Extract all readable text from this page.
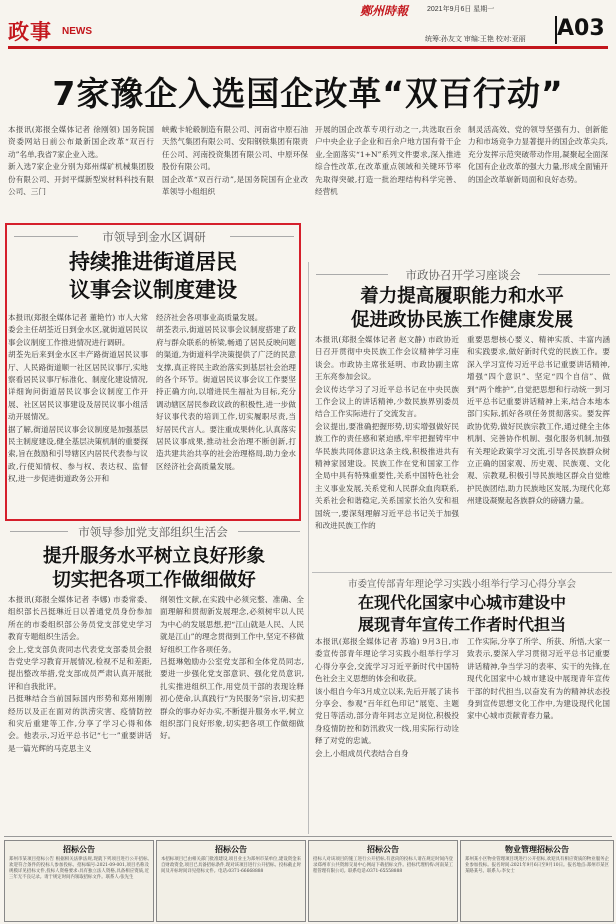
政事 NEWS
鄭州時報	2021年9月6日 星期一
统筹:孙友文 审编:王艳 校对:亚丽 A03
7家豫企入选国企改革“双百行动”
本报讯(郑报全媒体记者 徐刚领) 国务院国资委网站日前公布最新国企改革“双百行动”名单,我省7家企业入选。
新入选7家企业分别为郑州煤矿机械集团股份有限公司、开封平煤新型炭材料科技有限公司、三门
峡戴卡轮毂制造有限公司、河南省中原石油天然气集团有限公司、安阳钢铁集团有限责任公司、河南投资集团有限公司、中原环保股份有限公司。
国企改革“双百行动”,是国务院国有企业改革领导小组组织
开展的国企改革专项行动之一,共选取百余户中央企业子企业和百余户地方国有骨干企业,全面落实“1+N”系列文件要求,深入推进综合性改革,在改革重点领域和关键环节率先取得突破,打造一批治理结构科学完善、经营机
制灵活高效、党的领导坚强有力、创新能力和市场竞争力显著提升的国企改革尖兵,充分发挥示范突破带动作用,凝聚起全面深化国有企业改革的强大力量,形成全面铺开的国企改革崭新局面和良好态势。
市领导到金水区调研
持续推进街道居民
议事会议制度建设
本报讯(郑报全媒体记者 董艳竹) 市人大常委会主任胡荃近日到金水区,就街道居民议事会议制度工作推进情况进行调研。
胡荃先后来到金水区丰产路街道居民议事厅、人民路街道顺一社区居民议事厅,实地察看居民议事厅标准化、制度化建设情况,详细询问街道居民议事会议制度工作开展、社区居民议事建设及居民议事小组活动开展情况。
据了解,街道居民议事会议制度是加强基层民主制度建设,健全基层决策机制的重要探索,旨在鼓励和引导辖区内居民代表参与议政,行使知情权、参与权、表达权、监督权,进一步促进街道政务公开和
经济社会各项事业高质量发展。
胡荃表示,街道居民议事会议制度搭建了政府与群众联系的桥梁,畅通了居民反映问题的渠道,为街道科学决策提供了广泛的民意支撑,真正将民主政治落实到基层社会治理的各个环节。街道居民议事会议工作要坚持正确方向,以增进民生福祉为目标,充分调动辖区居民参政议政的积极性,进一步做好议事代表的培训工作,切实履职尽责,当好居民代言人。要注重成果转化,认真落实居民议事成果,推动社会治理不断创新,打造共建共治共享的社会治理格局,助力金水区经济社会高质量发展。
市政协召开学习座谈会
着力提高履职能力和水平
促进政协民族工作健康发展
本报讯(郑报全媒体记者 赵文静) 市政协近日召开贯彻中央民族工作会议精神学习座谈会。市政协主席张延明、市政协副主席王东亮参加会议。
会议传达学习了习近平总书记在中央民族工作会议上的讲话精神,少数民族界别委员结合工作实际进行了交流发言。
会议提出,要准确把握形势,切实增强做好民族工作的责任感和紧迫感,牢牢把握铸牢中华民族共同体意识这条主线,积极推进共有精神家园建设。民族工作在党和国家工作全局中具有特殊重要性,关系中国特色社会主义事业发展,关系党和人民群众血肉联系,关系社会和谐稳定,关系国家长治久安和祖国统一,要深刻理解习近平总书记关于加强和改进民族工作的
重要思想核心要义、精神实质、丰富内涵和实践要求,做好新时代党的民族工作。要深入学习宣传习近平总书记重要讲话精神,增强“四个意识”、坚定“四个自信”、做到“两个维护”,自觉把思想和行动统一到习近平总书记重要讲话精神上来,结合本地本部门实际,抓好各项任务贯彻落实。要发挥政协优势,做好民族宗教工作,通过健全主体机制、完善协作机制、强化服务机制,加强有关理论政策学习交流,引导各民族群众树立正确的国家观、历史观、民族观、文化观、宗教观,积极引导民族地区群众自觉维护民族团结,助力民族地区发展,为现代化郑州建设凝聚起各族群众的磅礴力量。
市领导参加党支部组织生活会
提升服务水平树立良好形象
切实把各项工作做细做好
本报讯(郑报全媒体记者 李娜) 市委常委、组织部长吕挺琳近日以普通党员身份参加所在的市委组织部公务员党支部党史学习教育专题组织生活会。
会上,党支部负责同志代表党支部委员会报告党史学习教育开展情况,检视不足和差距,提出整改举措,党支部成员严肃认真开展批评和自我批评。
吕挺琳结合当前国际国内形势和郑州刚刚经历以及正在面对的洪涝灾害、疫情防控和灾后重建等工作,分享了学习心得和体会。他表示,习近平总书记“七一”重要讲话是一篇光辉的马克思主义
纲领性文献,在实践中必须完整、准确、全面理解和贯彻新发展理念,必须树牢以人民为中心的发展思想,把“江山就是人民、人民就是江山”的理念贯彻到工作中,坚定不移做好组织工作各项任务。
吕挺琳勉励办公室党支部和全体党员同志,要进一步强化党支部意识、强化党员意识,扎实推进组织工作,用党员干部的表现诠释初心使命,认真践行“为民服务”宗旨,切实把群众的事办好办实,不断提升服务水平,树立组织部门良好形象,切实把各项工作做细做好。
市委宣传部青年理论学习实践小组举行学习心得分享会
在现代化国家中心城市建设中
展现青年宣传工作者时代担当
本报讯(郑报全媒体记者 苏瑜) 9月3日,市委宣传部青年理论学习实践小组举行学习心得分享会,交流学习习近平新时代中国特色社会主义思想的体会和收获。
该小组自今年3月成立以来,先后开展了读书分享会、参观“百年红色印记”展览、主题党日等活动,部分青年同志立足岗位,积极投身疫情防控和防汛救灾一线,用实际行动诠释了对党的忠诚。
会上,小组成员代表结合自身
工作实际,分享了所学、所获、所悟,大家一致表示,要深入学习贯彻习近平总书记重要讲话精神,争当学习的表率、实干的先锋,在现代化国家中心城市建设中展现青年宣传干部的时代担当,以奋发有为的精神状态投身到宣传思想文化工作中,为建设现代化国家中心城市贡献青春力量。
招标公告
郑州市某项目招标公告 根据相关法律法规,现就下列项目进行公开招标,欢迎符合条件的投标人参加投标。招标编号:2021-09-001,项目名称及规模详见招标文件,投标人资格要求:具有独立法人资格,具备相应资质,近三年无不良记录。请于规定时间内领取招标文件。联系人:张先生
招标公告
本招标项目已由相关部门批准建设,项目业主为郑州市某单位,建设资金来自财政资金,项目已具备招标条件,现对该项目进行公开招标。投标截止时间及开标时间详见招标文件。电话:0371-66668888
招标公告
招标人对该项目的施工进行公开招标,有意向的投标人请在规定时间内登录郑州市公共资源交易中心网站下载招标文件。招标代理机构:河南某工程管理有限公司。联系电话:0371-65558888
物业管理招标公告
郑州某小区物业管理项目现进行公开招标,欢迎具有相应资质的物业服务企业参加投标。报名时间:2021年9月6日至9月10日。报名地点:郑州市某区某路某号。联系人:李女士
